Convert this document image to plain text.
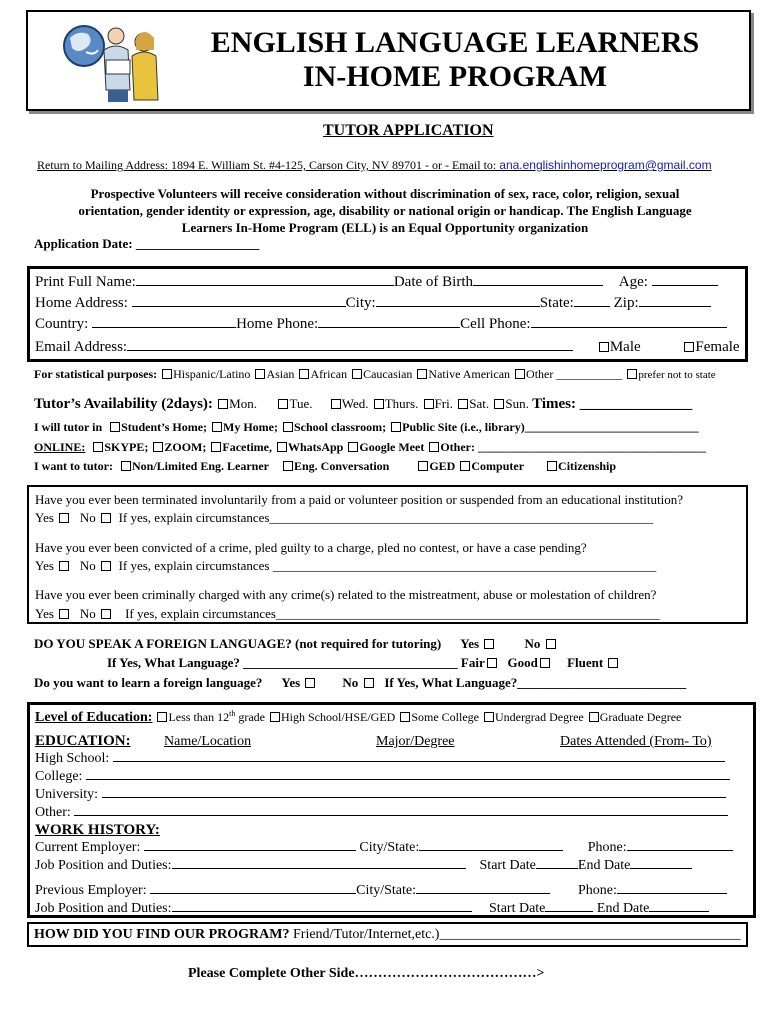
ENGLISH LANGUAGE LEARNERS
IN-HOME PROGRAM
TUTOR APPLICATION
Return to Mailing Address: 1894 E. William St. #4-125, Carson City, NV 89701 - or - Email to: ana.englishinhomeprogram@gmail.com
Prospective Volunteers will receive consideration without discrimination of sex, race, color, religion, sexual
orientation, gender identity or expression, age, disability or national origin or handicap. The English Language
Learners In-Home Program (ELL) is an Equal Opportunity organization
Application Date: ___________________
Print Full Name:	Date of Birth	Age:
Home Address:	City:	State:	Zip:
Country:	Home Phone:	Cell Phone:
Email Address:	Male	Female
For statistical purposes: Hispanic/Latino Asian African Caucasian Native American Other ___________ prefer not to state
Tutor’s Availability (2days): Mon.	Tue. Wed. Thurs. Fri. Sat. Sun. Times: _______________
I will tutor in Student’s Home; My Home; School classroom; Public Site (i.e., library)_____________________________
ONLINE: SKYPE; ZOOM; Facetime, WhatsApp Google Meet Other: ______________________________________
I want to tutor: Non/Limited Eng. Learner Eng. Conversation	GED Computer	Citizenship
Have you ever been terminated involuntarily from a paid or volunteer position or suspended from an educational institution?
Yes No If yes, explain circumstances___________________________________________________________
Have you ever been convicted of a crime, pled guilty to a charge, pled no contest, or have a case pending?
Yes No If yes, explain circumstances ___________________________________________________________
Have you ever been criminally charged with any crime(s) related to the mistreatment, abuse or molestation of children?
Yes No If yes, explain circumstances___________________________________________________________
DO YOU SPEAK A FOREIGN LANGUAGE? (not required for tutoring) Yes	No
If Yes, What Language? _________________________________ Fair Good Fluent
Do you want to learn a foreign language? Yes	No If Yes, What Language?__________________________
Level of Education: Less than 12th grade High School/HSE/GED Some College Undergrad Degree Graduate Degree
EDUCATION: Name/Location	Major/Degree	Dates Attended (From- To)
High School:
College:
University:
Other:
WORK HISTORY:
Current Employer:	City/State:	Phone:
Job Position and Duties:	Start Date	End Date
Previous Employer:	City/State:	Phone:
Job Position and Duties:	Start Date	End Date
HOW DID YOU FIND OUR PROGRAM? Friend/Tutor/Internet,etc.)___________________________________________
Please Complete Other Side…………………………………>
